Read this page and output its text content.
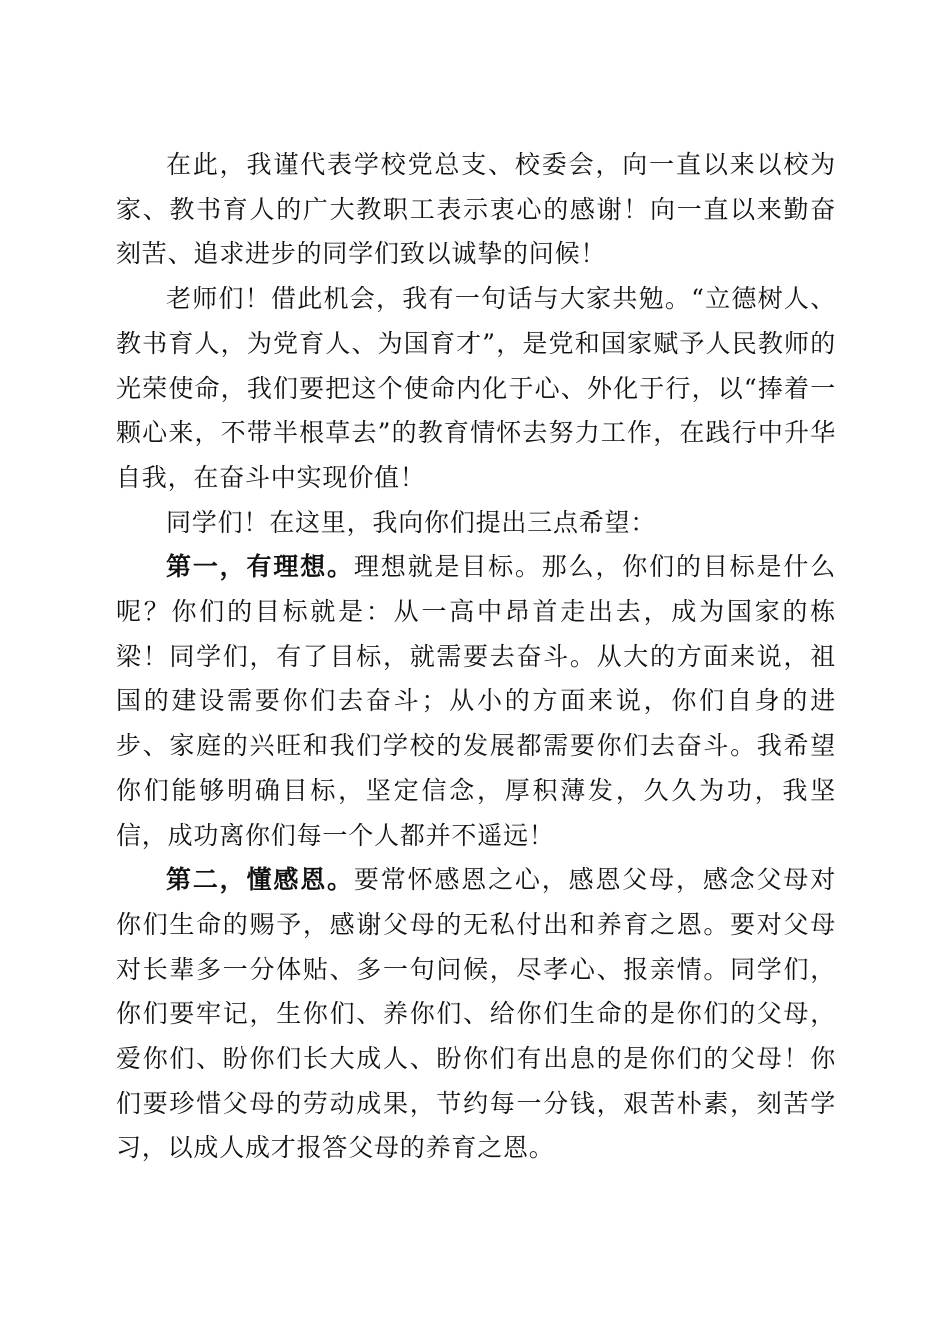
在此，我谨代表学校党总支、校委会，向一直以来以校为家、教书育人的广大教职工表示衷心的感谢！向一直以来勤奋刻苦、追求进步的同学们致以诚挚的问候！

老师们！借此机会，我有一句话与大家共勉。“立德树人、教书育人，为党育人、为国育才”，是党和国家赋予人民教师的光荣使命，我们要把这个使命内化于心、外化于行，以“捧着一颗心来，不带半根草去”的教育情怀去努力工作，在践行中升华自我，在奋斗中实现价值！

同学们！在这里，我向你们提出三点希望：

第一，有理想。理想就是目标。那么，你们的目标是什么呢？你们的目标就是：从一高中昂首走出去，成为国家的栋梁！同学们，有了目标，就需要去奋斗。从大的方面来说，祖国的建设需要你们去奋斗；从小的方面来说，你们自身的进步、家庭的兴旺和我们学校的发展都需要你们去奋斗。我希望你们能够明确目标，坚定信念，厚积薄发，久久为功，我坚信，成功离你们每一个人都并不遥远！

第二，懂感恩。要常怀感恩之心，感恩父母，感念父母对你们生命的赐予，感谢父母的无私付出和养育之恩。要对父母对长辈多一分体贴、多一句问候，尽孝心、报亲情。同学们，你们要牢记，生你们、养你们、给你们生命的是你们的父母，爱你们、盼你们长大成人、盼你们有出息的是你们的父母！你们要珍惜父母的劳动成果，节约每一分钱，艰苦朴素，刻苦学习，以成人成才报答父母的养育之恩。
